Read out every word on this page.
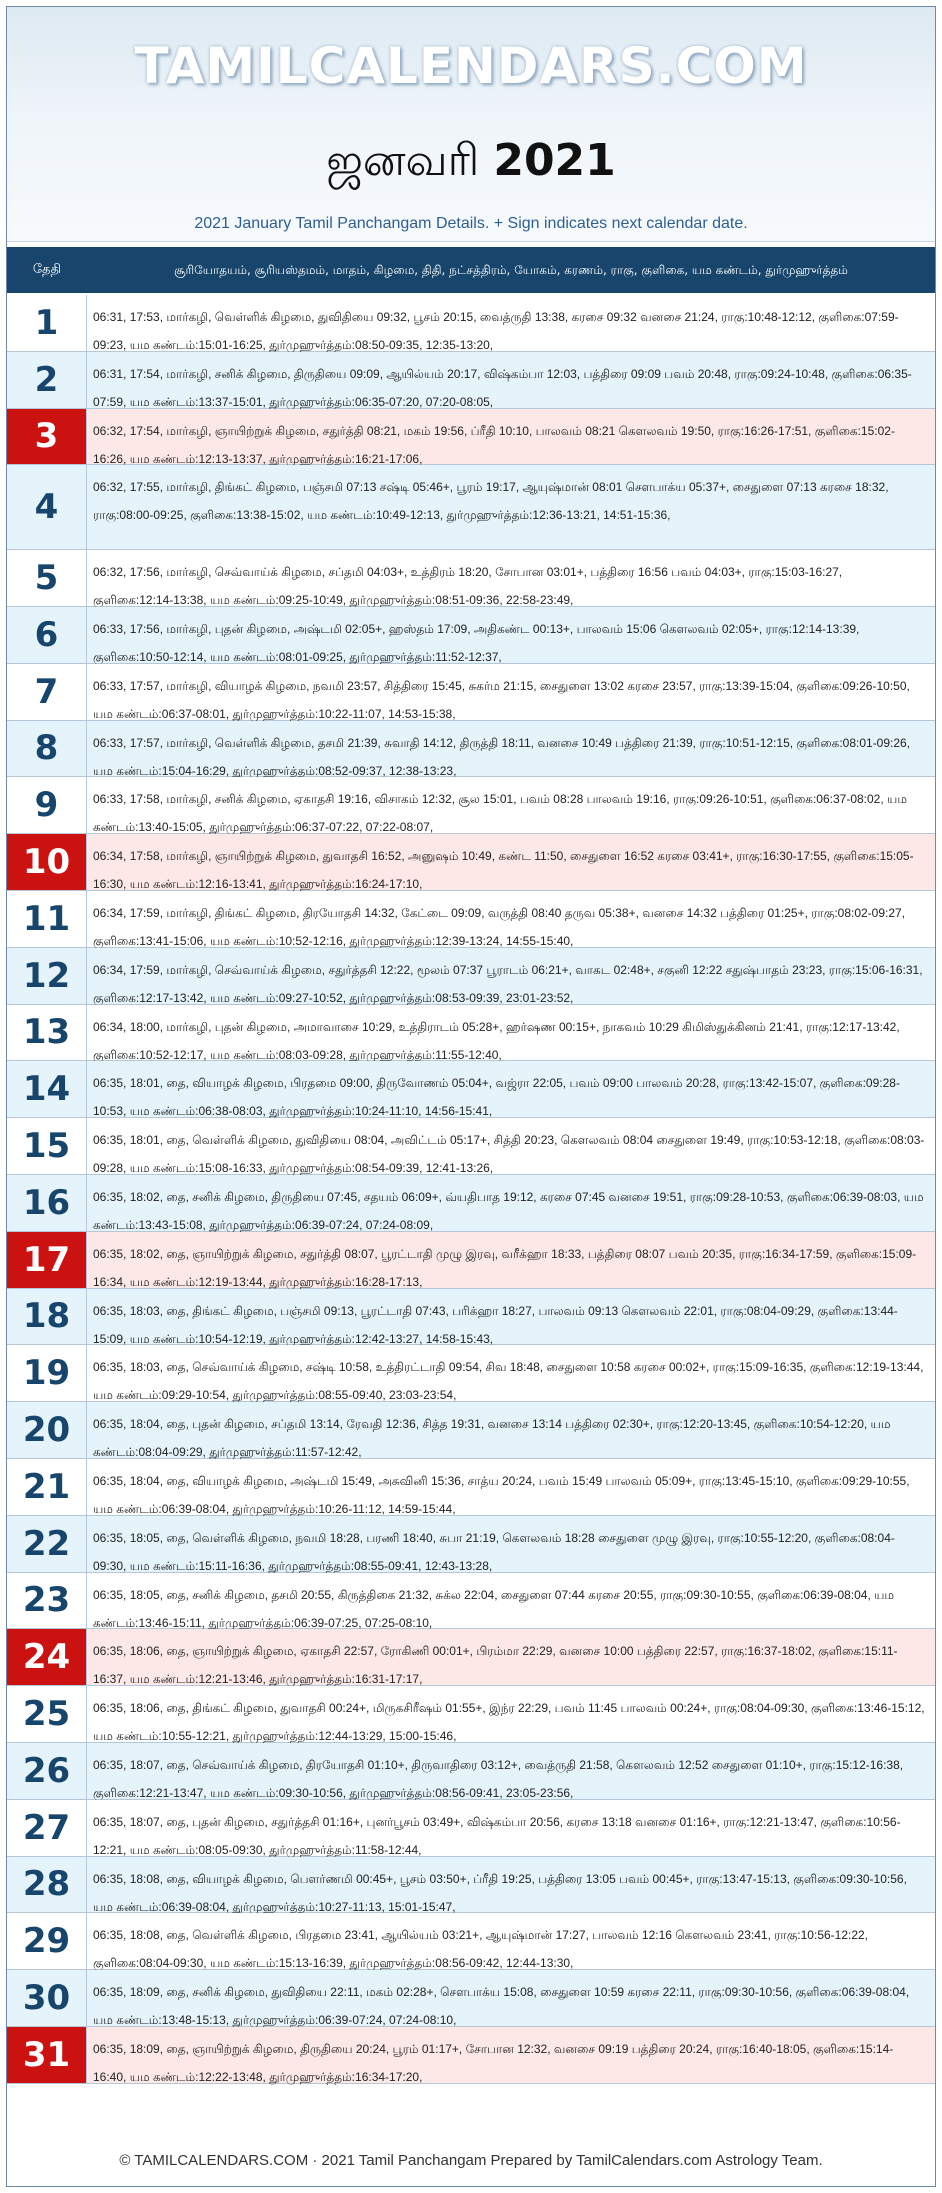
TAMILCALENDARS.COM
ஜனவரி 2021
2021 January Tamil Panchangam Details. + Sign indicates next calendar date.
தேதி	சூரியோதயம், சூரியஸ்தமம், மாதம், கிழமை, திதி, நட்சத்திரம், யோகம், கரணம், ராகு, குளிகை, யம கண்டம், துர்முஹுர்த்தம்
1	06:31, 17:53, மார்கழி, வெள்ளிக் கிழமை, துவிதியை 09:32, பூசம் 20:15, வைத்ருதி 13:38, கரசை 09:32 வனசை 21:24, ராகு:10:48-12:12, குளிகை:07:59-09:23, யம கண்டம்:15:01-16:25, துர்முஹுர்த்தம்:08:50-09:35, 12:35-13:20,
2	06:31, 17:54, மார்கழி, சனிக் கிழமை, திருதியை 09:09, ஆயில்யம் 20:17, விஷ்கம்பா 12:03, பத்திரை 09:09 பவம் 20:48, ராகு:09:24-10:48, குளிகை:06:35-07:59, யம கண்டம்:13:37-15:01, துர்முஹுர்த்தம்:06:35-07:20, 07:20-08:05,
3	06:32, 17:54, மார்கழி, ஞாயிற்றுக் கிழமை, சதுர்த்தி 08:21, மகம் 19:56, ப்ரீதி 10:10, பாலவம் 08:21 கௌலவம் 19:50, ராகு:16:26-17:51, குளிகை:15:02-16:26, யம கண்டம்:12:13-13:37, துர்முஹுர்த்தம்:16:21-17:06,
4	06:32, 17:55, மார்கழி, திங்கட் கிழமை, பஞ்சமி 07:13 சஷ்டி 05:46+, பூரம் 19:17, ஆயுஷ்மான் 08:01 சௌபாக்ய 05:37+, சைதுளை 07:13 கரசை 18:32, ராகு:08:00-09:25, குளிகை:13:38-15:02, யம கண்டம்:10:49-12:13, துர்முஹுர்த்தம்:12:36-13:21, 14:51-15:36,
5	06:32, 17:56, மார்கழி, செவ்வாய்க் கிழமை, சப்தமி 04:03+, உத்திரம் 18:20, சோபான 03:01+, பத்திரை 16:56 பவம் 04:03+, ராகு:15:03-16:27, குளிகை:12:14-13:38, யம கண்டம்:09:25-10:49, துர்முஹுர்த்தம்:08:51-09:36, 22:58-23:49,
6	06:33, 17:56, மார்கழி, புதன் கிழமை, அஷ்டமி 02:05+, ஹஸ்தம் 17:09, அதிகண்ட 00:13+, பாலவம் 15:06 கௌலவம் 02:05+, ராகு:12:14-13:39, குளிகை:10:50-12:14, யம கண்டம்:08:01-09:25, துர்முஹுர்த்தம்:11:52-12:37,
7	06:33, 17:57, மார்கழி, வியாழக் கிழமை, நவமி 23:57, சித்திரை 15:45, சுகர்ம 21:15, சைதுளை 13:02 கரசை 23:57, ராகு:13:39-15:04, குளிகை:09:26-10:50, யம கண்டம்:06:37-08:01, துர்முஹுர்த்தம்:10:22-11:07, 14:53-15:38,
8	06:33, 17:57, மார்கழி, வெள்ளிக் கிழமை, தசமி 21:39, சுவாதி 14:12, திருத்தி 18:11, வனசை 10:49 பத்திரை 21:39, ராகு:10:51-12:15, குளிகை:08:01-09:26, யம கண்டம்:15:04-16:29, துர்முஹுர்த்தம்:08:52-09:37, 12:38-13:23,
9	06:33, 17:58, மார்கழி, சனிக் கிழமை, ஏகாதசி 19:16, விசாகம் 12:32, சூல 15:01, பவம் 08:28 பாலவம் 19:16, ராகு:09:26-10:51, குளிகை:06:37-08:02, யம கண்டம்:13:40-15:05, துர்முஹுர்த்தம்:06:37-07:22, 07:22-08:07,
10	06:34, 17:58, மார்கழி, ஞாயிற்றுக் கிழமை, துவாதசி 16:52, அனுஷம் 10:49, கண்ட 11:50, சைதுளை 16:52 கரசை 03:41+, ராகு:16:30-17:55, குளிகை:15:05-16:30, யம கண்டம்:12:16-13:41, துர்முஹுர்த்தம்:16:24-17:10,
11	06:34, 17:59, மார்கழி, திங்கட் கிழமை, திரயோதசி 14:32, கேட்டை 09:09, வருத்தி 08:40 தருவ 05:38+, வனசை 14:32 பத்திரை 01:25+, ராகு:08:02-09:27, குளிகை:13:41-15:06, யம கண்டம்:10:52-12:16, துர்முஹுர்த்தம்:12:39-13:24, 14:55-15:40,
12	06:34, 17:59, மார்கழி, செவ்வாய்க் கிழமை, சதுர்த்தசி 12:22, மூலம் 07:37 பூராடம் 06:21+, வாகட 02:48+, சகுனி 12:22 சதுஷ்பாதம் 23:23, ராகு:15:06-16:31, குளிகை:12:17-13:42, யம கண்டம்:09:27-10:52, துர்முஹுர்த்தம்:08:53-09:39, 23:01-23:52,
13	06:34, 18:00, மார்கழி, புதன் கிழமை, அமாவாசை 10:29, உத்திராடம் 05:28+, ஹர்ஷண 00:15+, நாகவம் 10:29 கிமிஸ்துக்கினம் 21:41, ராகு:12:17-13:42, குளிகை:10:52-12:17, யம கண்டம்:08:03-09:28, துர்முஹுர்த்தம்:11:55-12:40,
14	06:35, 18:01, தை, வியாழக் கிழமை, பிரதமை 09:00, திருவோணம் 05:04+, வஜ்ரா 22:05, பவம் 09:00 பாலவம் 20:28, ராகு:13:42-15:07, குளிகை:09:28-10:53, யம கண்டம்:06:38-08:03, துர்முஹுர்த்தம்:10:24-11:10, 14:56-15:41,
15	06:35, 18:01, தை, வெள்ளிக் கிழமை, துவிதியை 08:04, அவிட்டம் 05:17+, சித்தி 20:23, கௌலவம் 08:04 சைதுளை 19:49, ராகு:10:53-12:18, குளிகை:08:03-09:28, யம கண்டம்:15:08-16:33, துர்முஹுர்த்தம்:08:54-09:39, 12:41-13:26,
16	06:35, 18:02, தை, சனிக் கிழமை, திருதியை 07:45, சதயம் 06:09+, வ்யதிபாத 19:12, கரசை 07:45 வனசை 19:51, ராகு:09:28-10:53, குளிகை:06:39-08:03, யம கண்டம்:13:43-15:08, துர்முஹுர்த்தம்:06:39-07:24, 07:24-08:09,
17	06:35, 18:02, தை, ஞாயிற்றுக் கிழமை, சதுர்த்தி 08:07, பூரட்டாதி முழு இரவு, வரீக்ஹா 18:33, பத்திரை 08:07 பவம் 20:35, ராகு:16:34-17:59, குளிகை:15:09-16:34, யம கண்டம்:12:19-13:44, துர்முஹுர்த்தம்:16:28-17:13,
18	06:35, 18:03, தை, திங்கட் கிழமை, பஞ்சமி 09:13, பூரட்டாதி 07:43, பரிக்ஹா 18:27, பாலவம் 09:13 கௌலவம் 22:01, ராகு:08:04-09:29, குளிகை:13:44-15:09, யம கண்டம்:10:54-12:19, துர்முஹுர்த்தம்:12:42-13:27, 14:58-15:43,
19	06:35, 18:03, தை, செவ்வாய்க் கிழமை, சஷ்டி 10:58, உத்திரட்டாதி 09:54, சிவ 18:48, சைதுளை 10:58 கரசை 00:02+, ராகு:15:09-16:35, குளிகை:12:19-13:44, யம கண்டம்:09:29-10:54, துர்முஹுர்த்தம்:08:55-09:40, 23:03-23:54,
20	06:35, 18:04, தை, புதன் கிழமை, சப்தமி 13:14, ரேவதி 12:36, சித்த 19:31, வனசை 13:14 பத்திரை 02:30+, ராகு:12:20-13:45, குளிகை:10:54-12:20, யம கண்டம்:08:04-09:29, துர்முஹுர்த்தம்:11:57-12:42,
21	06:35, 18:04, தை, வியாழக் கிழமை, அஷ்டமி 15:49, அசுவினி 15:36, சாத்ய 20:24, பவம் 15:49 பாலவம் 05:09+, ராகு:13:45-15:10, குளிகை:09:29-10:55, யம கண்டம்:06:39-08:04, துர்முஹுர்த்தம்:10:26-11:12, 14:59-15:44,
22	06:35, 18:05, தை, வெள்ளிக் கிழமை, நவமி 18:28, பரணி 18:40, சுபா 21:19, கௌலவம் 18:28 சைதுளை முழு இரவு, ராகு:10:55-12:20, குளிகை:08:04-09:30, யம கண்டம்:15:11-16:36, துர்முஹுர்த்தம்:08:55-09:41, 12:43-13:28,
23	06:35, 18:05, தை, சனிக் கிழமை, தசமி 20:55, கிருத்திகை 21:32, சுக்ல 22:04, சைதுளை 07:44 கரசை 20:55, ராகு:09:30-10:55, குளிகை:06:39-08:04, யம கண்டம்:13:46-15:11, துர்முஹுர்த்தம்:06:39-07:25, 07:25-08:10,
24	06:35, 18:06, தை, ஞாயிற்றுக் கிழமை, ஏகாதசி 22:57, ரோகிணி 00:01+, பிரம்மா 22:29, வனசை 10:00 பத்திரை 22:57, ராகு:16:37-18:02, குளிகை:15:11-16:37, யம கண்டம்:12:21-13:46, துர்முஹுர்த்தம்:16:31-17:17,
25	06:35, 18:06, தை, திங்கட் கிழமை, துவாதசி 00:24+, மிருகசிரீஷம் 01:55+, இந்ர 22:29, பவம் 11:45 பாலவம் 00:24+, ராகு:08:04-09:30, குளிகை:13:46-15:12, யம கண்டம்:10:55-12:21, துர்முஹுர்த்தம்:12:44-13:29, 15:00-15:46,
26	06:35, 18:07, தை, செவ்வாய்க் கிழமை, திரயோதசி 01:10+, திருவாதிரை 03:12+, வைத்ருதி 21:58, கௌலவம் 12:52 சைதுளை 01:10+, ராகு:15:12-16:38, குளிகை:12:21-13:47, யம கண்டம்:09:30-10:56, துர்முஹுர்த்தம்:08:56-09:41, 23:05-23:56,
27	06:35, 18:07, தை, புதன் கிழமை, சதுர்த்தசி 01:16+, புனர்பூசம் 03:49+, விஷ்கம்பா 20:56, கரசை 13:18 வனசை 01:16+, ராகு:12:21-13:47, குளிகை:10:56-12:21, யம கண்டம்:08:05-09:30, துர்முஹுர்த்தம்:11:58-12:44,
28	06:35, 18:08, தை, வியாழக் கிழமை, பௌர்ணமி 00:45+, பூசம் 03:50+, ப்ரீதி 19:25, பத்திரை 13:05 பவம் 00:45+, ராகு:13:47-15:13, குளிகை:09:30-10:56, யம கண்டம்:06:39-08:04, துர்முஹுர்த்தம்:10:27-11:13, 15:01-15:47,
29	06:35, 18:08, தை, வெள்ளிக் கிழமை, பிரதமை 23:41, ஆயில்யம் 03:21+, ஆயுஷ்மான் 17:27, பாலவம் 12:16 கௌலவம் 23:41, ராகு:10:56-12:22, குளிகை:08:04-09:30, யம கண்டம்:15:13-16:39, துர்முஹுர்த்தம்:08:56-09:42, 12:44-13:30,
30	06:35, 18:09, தை, சனிக் கிழமை, துவிதியை 22:11, மகம் 02:28+, சௌபாக்ய 15:08, சைதுளை 10:59 கரசை 22:11, ராகு:09:30-10:56, குளிகை:06:39-08:04, யம கண்டம்:13:48-15:13, துர்முஹுர்த்தம்:06:39-07:24, 07:24-08:10,
31	06:35, 18:09, தை, ஞாயிற்றுக் கிழமை, திருதியை 20:24, பூரம் 01:17+, சோபான 12:32, வனசை 09:19 பத்திரை 20:24, ராகு:16:40-18:05, குளிகை:15:14-16:40, யம கண்டம்:12:22-13:48, துர்முஹுர்த்தம்:16:34-17:20,
© TAMILCALENDARS.COM · 2021 Tamil Panchangam Prepared by TamilCalendars.com Astrology Team.
